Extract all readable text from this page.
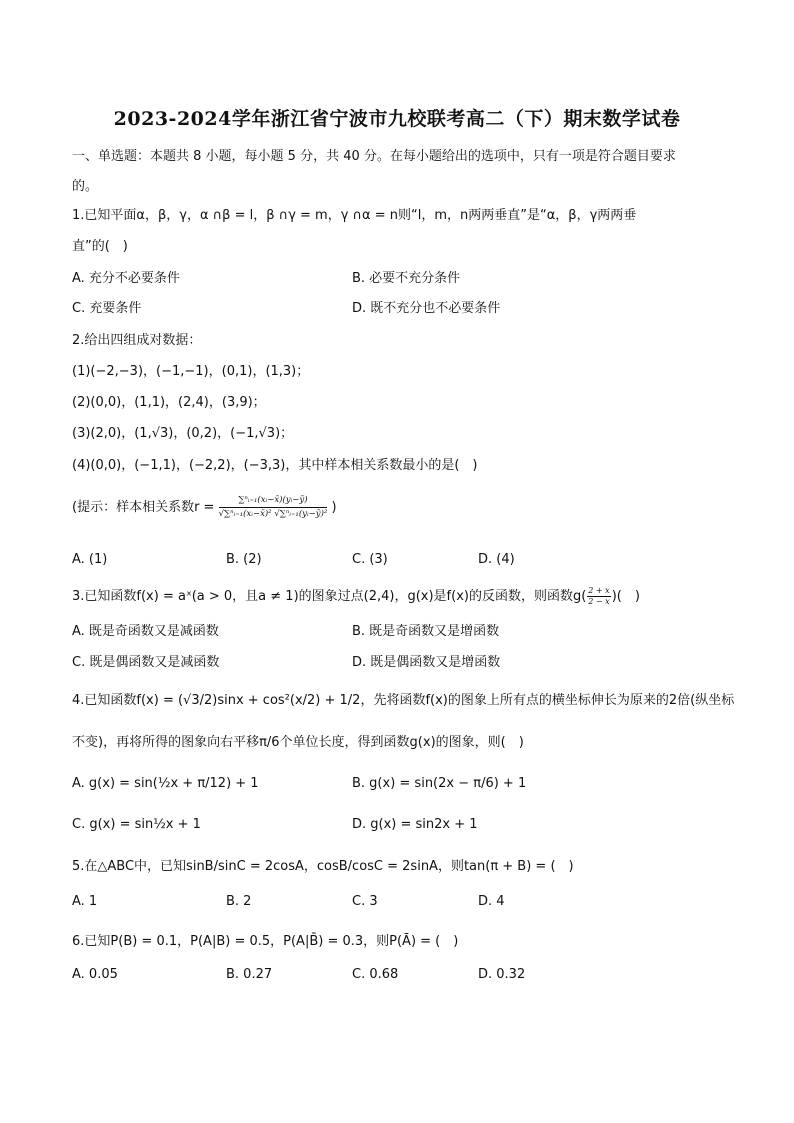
2023-2024学年浙江省宁波市九校联考高二（下）期末数学试卷
一、单选题：本题共 8 小题，每小题 5 分，共 40 分。在每小题给出的选项中，只有一项是符合题目要求
的。
1.已知平面α，β，γ，α ∩β = l，β ∩γ = m，γ ∩α = n则“l，m，n两两垂直”是“α，β，γ两两垂
直”的(　)
A. 充分不必要条件	B. 必要不充分条件
C. 充要条件	D. 既不充分也不必要条件
2.给出四组成对数据：
(1)(−2,−3)，(−1,−1)，(0,1)，(1,3)；
(2)(0,0)，(1,1)，(2,4)，(3,9)；
(3)(2,0)，(1,√3)，(0,2)，(−1,√3)；
(4)(0,0)，(−1,1)，(−2,2)，(−3,3)，其中样本相关系数最小的是(　)
(提示：样本相关系数$r = \frac{\text{∑ⁿᵢ₌₁(xᵢ−x̄)(yᵢ−ȳ)}}{\text{√∑ⁿᵢ₌₁(xᵢ−x̄)² √∑ⁿᵢ₌₁(yᵢ−ȳ)²}}$ )
A. (1)	B. (2)	C. (3)	D. (4)
3.已知函数f(x) = aˣ(a > 0，且a ≠ 1)的图象过点(2,4)，g(x)是f(x)的反函数，则函数$g( \frac{2 + x}{2 - x}$ )(　)
A. 既是奇函数又是减函数	B. 既是奇函数又是增函数
C. 既是偶函数又是减函数	D. 既是偶函数又是增函数
4.已知函数f(x) = (√3/2)sinx + cos²(x/2) + 1/2，先将函数f(x)的图象上所有点的横坐标伸长为原来的2倍(纵坐标
不变)，再将所得的图象向右平移π/6个单位长度，得到函数g(x)的图象，则(　)
A. g(x) = sin(½x + π/12) + 1	B. g(x) = sin(2x − π/6) + 1
C. g(x) = sin½x + 1	D. g(x) = sin2x + 1
5.在△ABC中，已知sinB/sinC = 2cosA，cosB/cosC = 2sinA，则tan(π + B) = (　)
A. 1	B. 2	C. 3	D. 4
6.已知P(B) = 0.1，P(A|B) = 0.5，P(A|B̄) = 0.3，则P(Ā) = (　)
A. 0.05	B. 0.27	C. 0.68	D. 0.32
